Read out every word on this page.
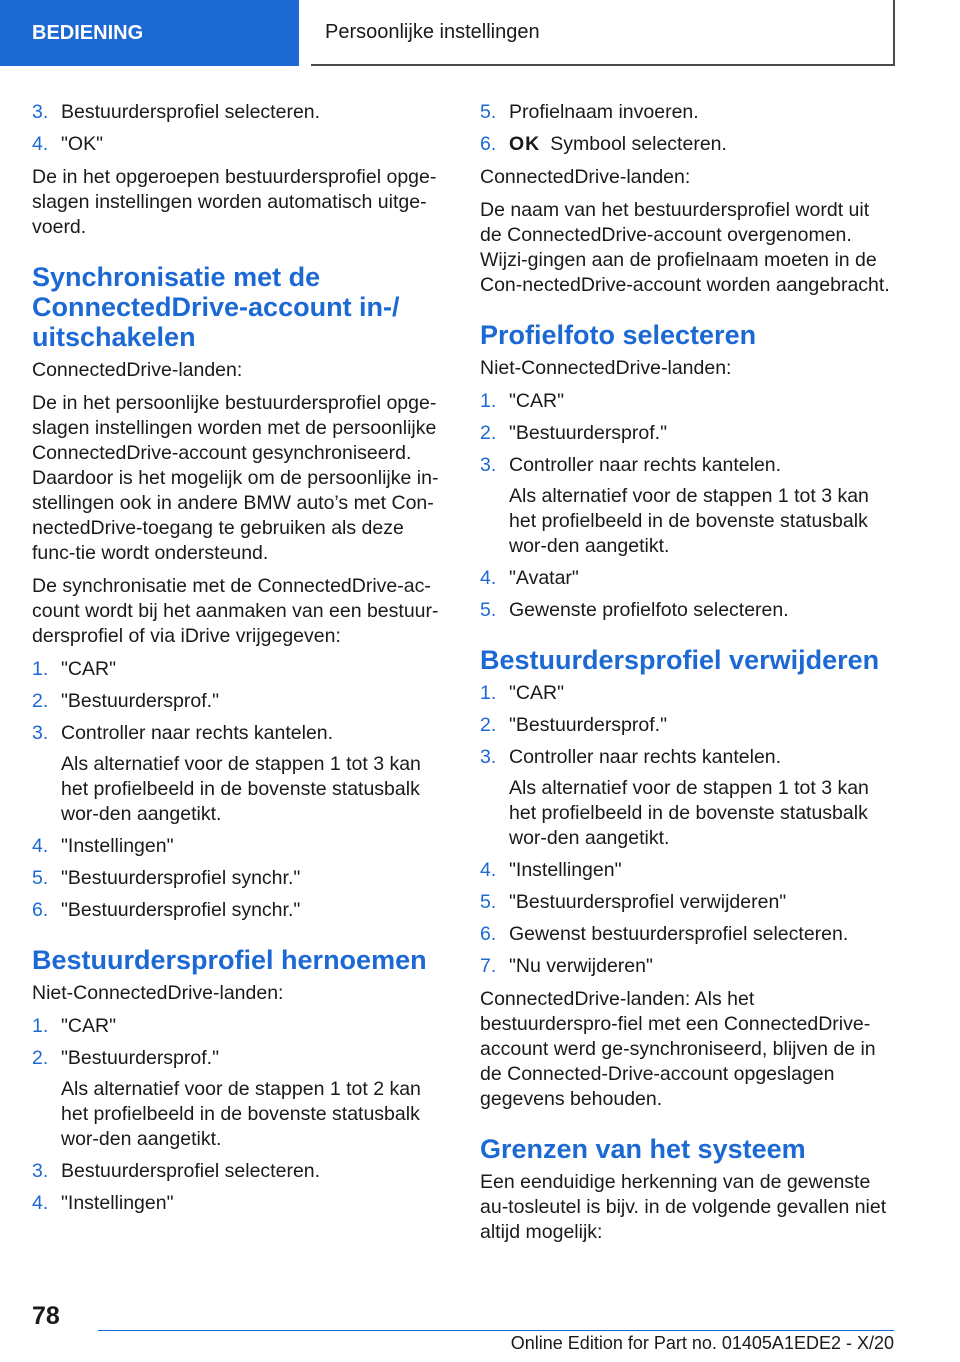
BEDIENING	Persoonlijke instellingen
3. Bestuurdersprofiel selecteren.
4. "OK"

De in het opgeroepen bestuurdersprofiel opge-slagen instellingen worden automatisch uitge-voerd.

Synchronisatie met de ConnectedDrive-account in-/ uitschakelen

ConnectedDrive-landen:

De in het persoonlijke bestuurdersprofiel opge-slagen instellingen worden met de persoonlijke ConnectedDrive-account gesynchroniseerd. Daardoor is het mogelijk om de persoonlijke in-stellingen ook in andere BMW auto’s met Con-nectedDrive-toegang te gebruiken als deze func-tie wordt ondersteund.

De synchronisatie met de ConnectedDrive-ac-count wordt bij het aanmaken van een bestuur-dersprofiel of via iDrive vrijgegeven:

1. "CAR"
2. "Bestuurdersprof."
3. Controller naar rechts kantelen.
Als alternatief voor de stappen 1 tot 3 kan het profielbeeld in de bovenste statusbalk wor-den aangetikt.
4. "Instellingen"
5. "Bestuurdersprofiel synchr."
6. "Bestuurdersprofiel synchr."
Bestuurdersprofiel hernoemen

Niet-ConnectedDrive-landen:

1. "CAR"
2. "Bestuurdersprof."
Als alternatief voor de stappen 1 tot 2 kan het profielbeeld in de bovenste statusbalk wor-den aangetikt.
3. Bestuurdersprofiel selecteren.
4. "Instellingen"
5. Profielnaam invoeren.
6. OK Symbool selecteren.

ConnectedDrive-landen:

De naam van het bestuurdersprofiel wordt uit de ConnectedDrive-account overgenomen. Wijzi-gingen aan de profielnaam moeten in de Con-nectedDrive-account worden aangebracht.

Profielfoto selecteren

Niet-ConnectedDrive-landen:

1. "CAR"
2. "Bestuurdersprof."
3. Controller naar rechts kantelen.
Als alternatief voor de stappen 1 tot 3 kan het profielbeeld in de bovenste statusbalk wor-den aangetikt.
4. "Avatar"
5. Gewenste profielfoto selecteren.
Bestuurdersprofiel verwijderen
1. "CAR"
2. "Bestuurdersprof."
3. Controller naar rechts kantelen.
Als alternatief voor de stappen 1 tot 3 kan het profielbeeld in de bovenste statusbalk wor-den aangetikt.
4. "Instellingen"
5. "Bestuurdersprofiel verwijderen"
6. Gewenst bestuurdersprofiel selecteren.
7. "Nu verwijderen"

ConnectedDrive-landen: Als het bestuurderspro-fiel met een ConnectedDrive-account werd ge-synchroniseerd, blijven de in de Connected-Drive-account opgeslagen gegevens behouden.

Grenzen van het systeem

Een eenduidige herkenning van de gewenste au-tosleutel is bijv. in de volgende gevallen niet altijd mogelijk:

78
Online Edition for Part no. 01405A1EDE2 - X/20
